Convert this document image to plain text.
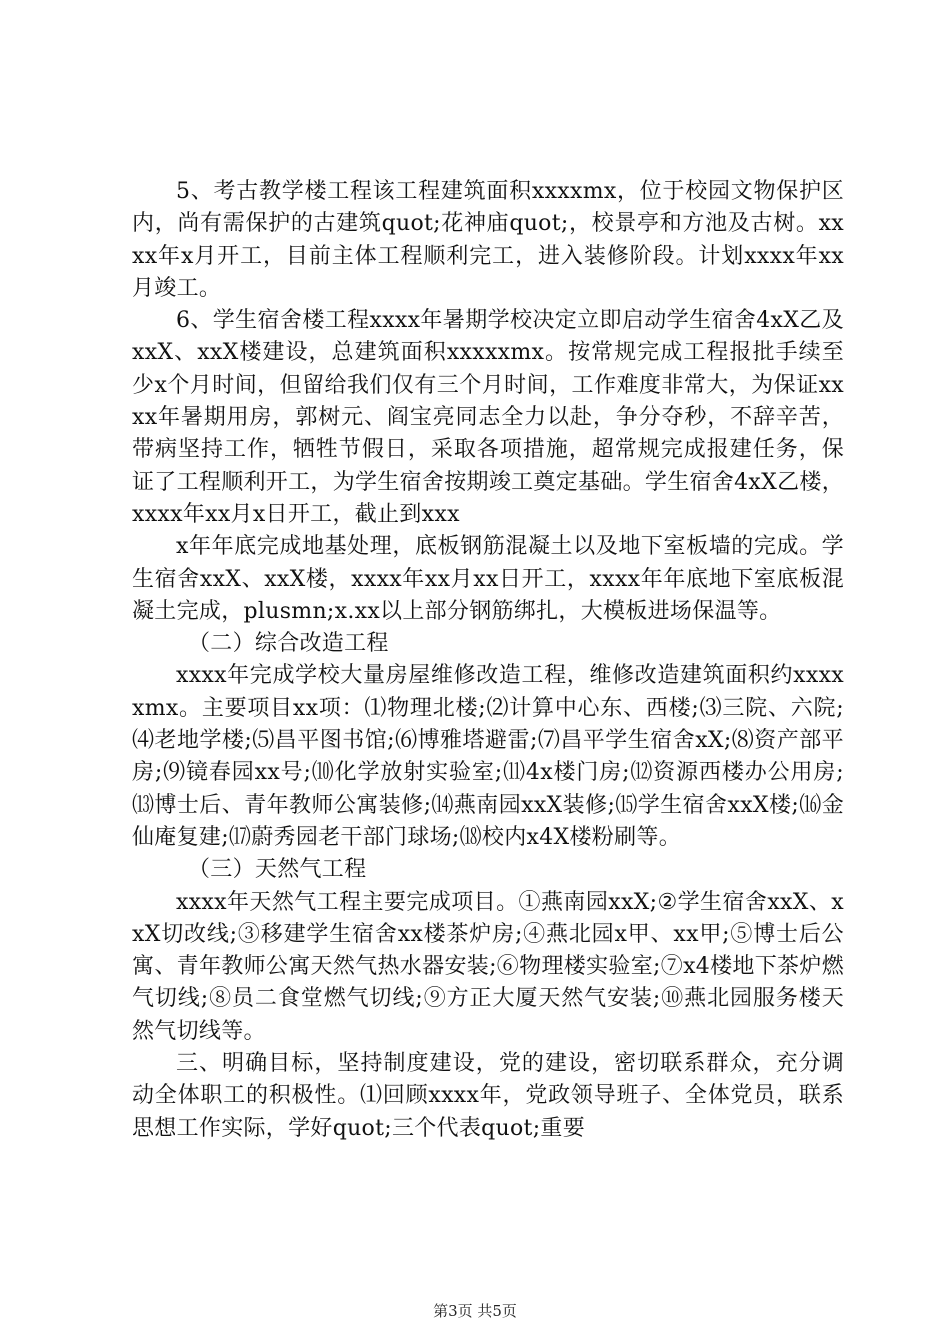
5、考古教学楼工程该工程建筑面积xxxxmx，位于校园文物保护区内，尚有需保护的古建筑quot;花神庙quot;，校景亭和方池及古树。xxxx年x月开工，目前主体工程顺利完工，进入装修阶段。计划xxxx年xx月竣工。

6、学生宿舍楼工程xxxx年暑期学校决定立即启动学生宿舍4xX乙及xxX、xxX楼建设，总建筑面积xxxxxmx。按常规完成工程报批手续至少x个月时间，但留给我们仅有三个月时间，工作难度非常大，为保证xxxx年暑期用房，郭树元、阎宝亮同志全力以赴，争分夺秒，不辞辛苦，带病坚持工作，牺牲节假日，采取各项措施，超常规完成报建任务，保证了工程顺利开工，为学生宿舍按期竣工奠定基础。学生宿舍4xX乙楼，xxxx年xx月x日开工，截止到xxx

x年年底完成地基处理，底板钢筋混凝土以及地下室板墙的完成。学生宿舍xxX、xxX楼，xxxx年xx月xx日开工，xxxx年年底地下室底板混凝土完成，plusmn;x.xx以上部分钢筋绑扎，大模板进场保温等。

（二）综合改造工程

xxxx年完成学校大量房屋维修改造工程，维修改造建筑面积约xxxxxmx。主要项目xx项：⑴物理北楼;⑵计算中心东、西楼;⑶三院、六院;⑷老地学楼;⑸昌平图书馆;⑹博雅塔避雷;⑺昌平学生宿舍xX;⑻资产部平房;⑼镜春园xx号;⑽化学放射实验室;⑾4x楼门房;⑿资源西楼办公用房;⒀博士后、青年教师公寓装修;⒁燕南园xxX装修;⒂学生宿舍xxX楼;⒃金仙庵复建;⒄蔚秀园老干部门球场;⒅校内x4X楼粉刷等。

（三）天然气工程

xxxx年天然气工程主要完成项目。①燕南园xxX;②学生宿舍xxX、xxX切改线;③移建学生宿舍xx楼茶炉房;④燕北园x甲、xx甲;⑤博士后公寓、青年教师公寓天然气热水器安装;⑥物理楼实验室;⑦x4楼地下茶炉燃气切线;⑧员二食堂燃气切线;⑨方正大厦天然气安装;⑩燕北园服务楼天然气切线等。

三、明确目标，坚持制度建设，党的建设，密切联系群众，充分调动全体职工的积极性。⑴回顾xxxx年，党政领导班子、全体党员，联系思想工作实际，学好quot;三个代表quot;重要

第3页 共5页
